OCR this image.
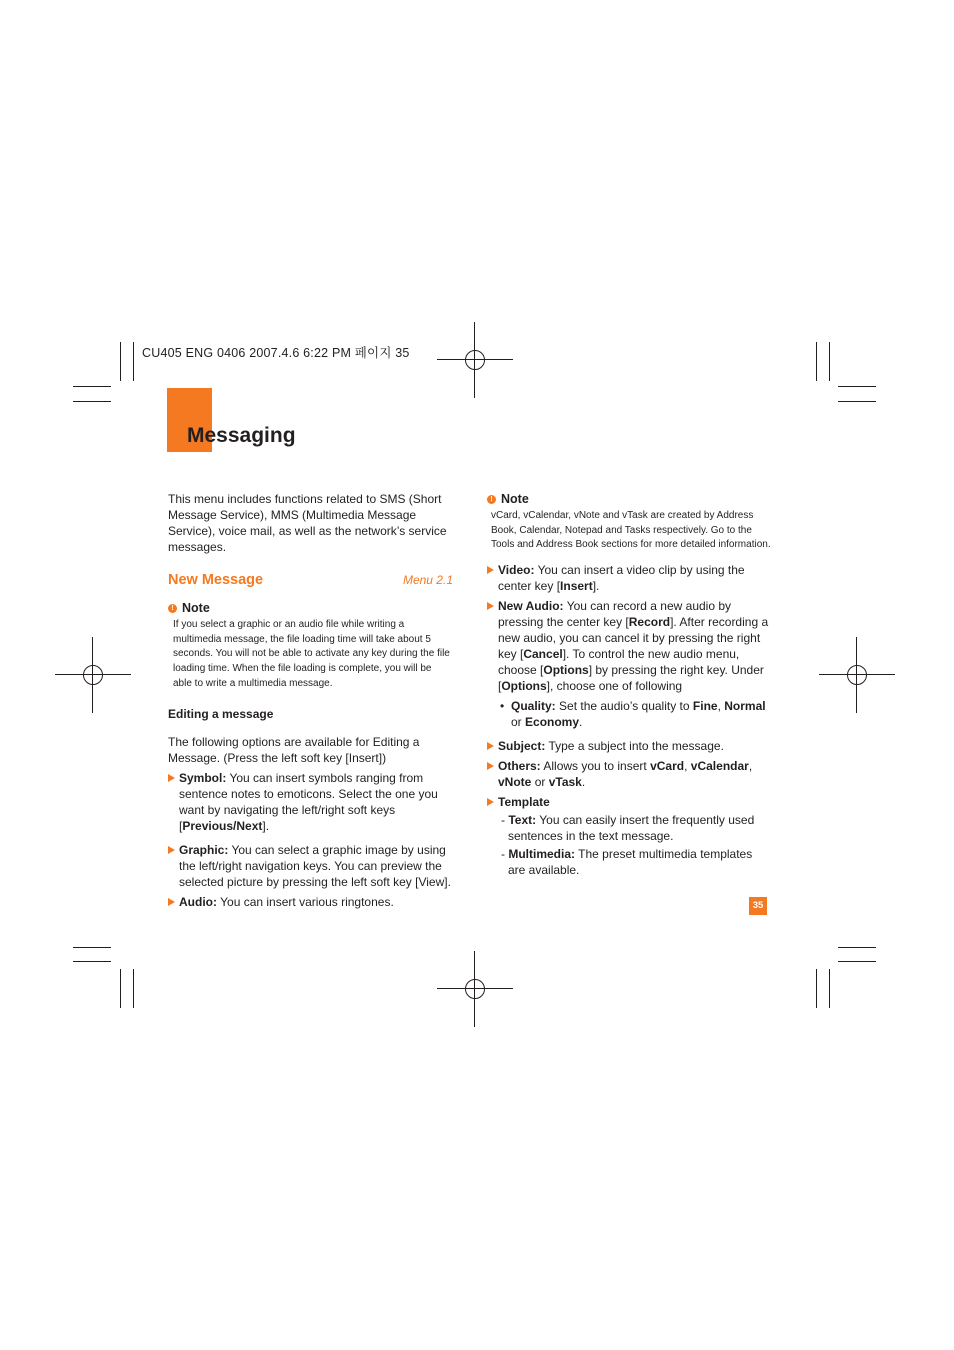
CU405 ENG 0406 2007.4.6 6:22 PM 페이지 35
Messaging

This menu includes functions related to SMS (Short Message Service), MMS (Multimedia Message Service), voice mail, as well as the network’s service messages.

New Message	Menu 2.1
! Note

If you select a graphic or an audio file while writing a multimedia message, the file loading time will take about 5 seconds. You will not be able to activate any key during the file loading time. When the file loading is complete, you will be able to write a multimedia message.

Editing a message

The following options are available for Editing a Message. (Press the left soft key [Insert])

Symbol: You can insert symbols ranging from sentence notes to emoticons. Select the one you want by navigating the left/right soft keys [Previous/Next].
Graphic: You can select a graphic image by using the left/right navigation keys. You can preview the selected picture by pressing the left soft key [View].
Audio: You can insert various ringtones.
! Note

vCard, vCalendar, vNote and vTask are created by Address Book, Calendar, Notepad and Tasks respectively. Go to the Tools and Address Book sections for more detailed information.

Video: You can insert a video clip by using the center key [Insert].
New Audio: You can record a new audio by pressing the center key [Record]. After recording a new audio, you can cancel it by pressing the right key [Cancel]. To control the new audio menu, choose [Options] by pressing the right key. Under [Options], choose one of following
• Quality: Set the audio’s quality to Fine, Normal or Economy.
Subject: Type a subject into the message.
Others: Allows you to insert vCard, vCalendar, vNote or vTask.
Template
- Text: You can easily insert the frequently used sentences in the text message.
- Multimedia: The preset multimedia templates are available.
35
